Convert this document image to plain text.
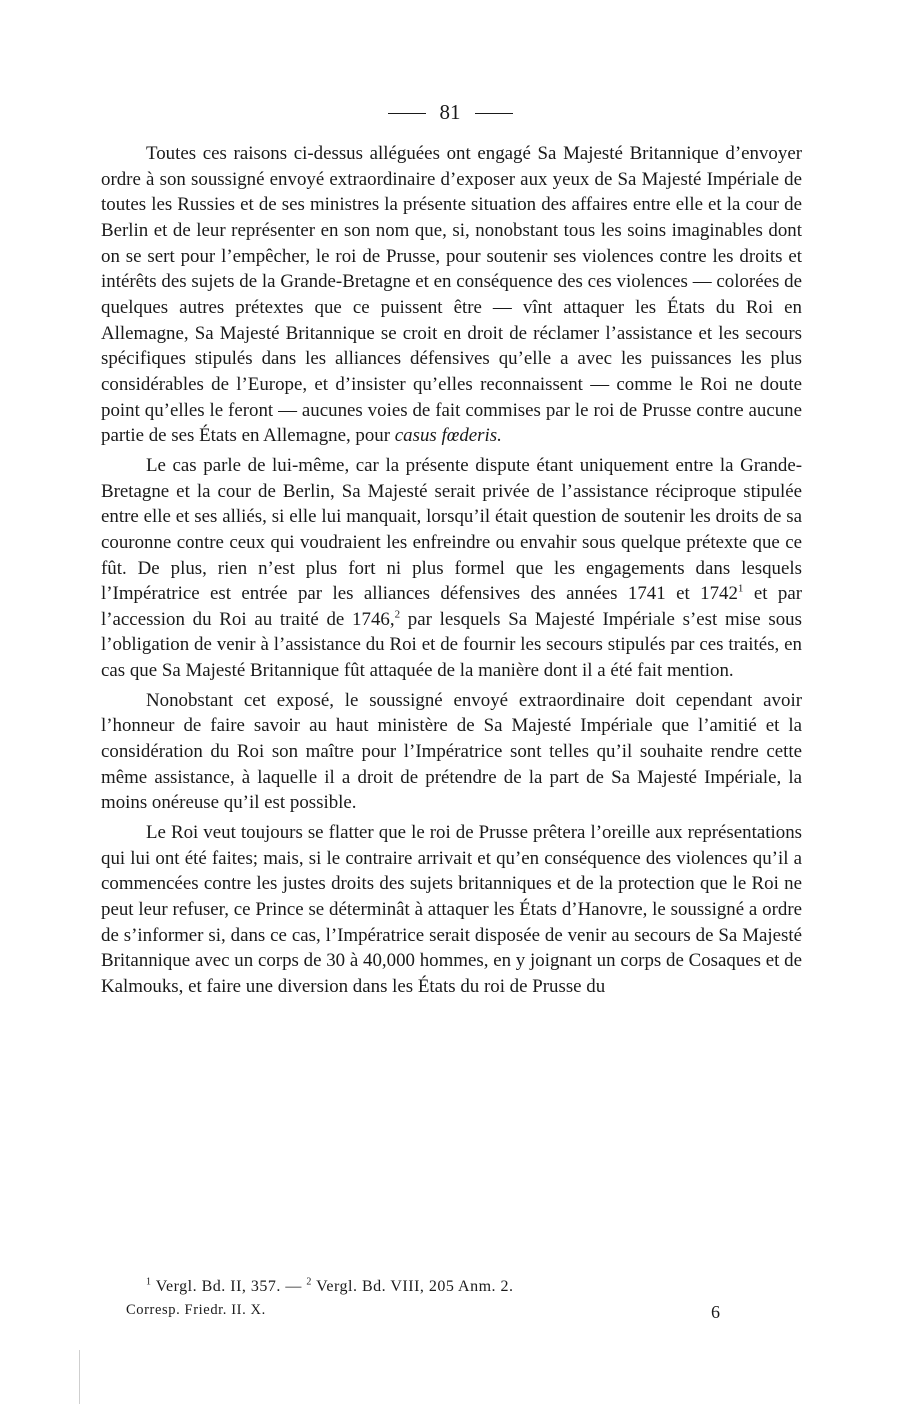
81

Toutes ces raisons ci-dessus alléguées ont engagé Sa Majesté Britannique d’envoyer ordre à son soussigné envoyé extraordinaire d’exposer aux yeux de Sa Majesté Impériale de toutes les Russies et de ses ministres la présente situation des affaires entre elle et la cour de Berlin et de leur représenter en son nom que, si, nonobstant tous les soins imaginables dont on se sert pour l’empêcher, le roi de Prusse, pour soutenir ses violences contre les droits et intérêts des sujets de la Grande-Bretagne et en conséquence des ces violences — colorées de quelques autres prétextes que ce puissent être — vînt attaquer les États du Roi en Allemagne, Sa Majesté Britannique se croit en droit de réclamer l’assistance et les secours spécifiques stipulés dans les alliances défensives qu’elle a avec les puissances les plus considérables de l’Europe, et d’insister qu’elles reconnaissent — comme le Roi ne doute point qu’elles le feront — aucunes voies de fait commises par le roi de Prusse contre aucune partie de ses États en Allemagne, pour casus fœderis.

Le cas parle de lui-même, car la présente dispute étant uniquement entre la Grande-Bretagne et la cour de Berlin, Sa Majesté serait privée de l’assistance réciproque stipulée entre elle et ses alliés, si elle lui manquait, lorsqu’il était question de soutenir les droits de sa couronne contre ceux qui voudraient les enfreindre ou envahir sous quelque prétexte que ce fût. De plus, rien n’est plus fort ni plus formel que les engagements dans lesquels l’Impératrice est entrée par les alliances défensives des années 1741 et 1742$^1$ et par l’accession du Roi au traité de 1746,$^2$ par lesquels Sa Majesté Impériale s’est mise sous l’obligation de venir à l’assistance du Roi et de fournir les secours stipulés par ces traités, en cas que Sa Majesté Britannique fût attaquée de la manière dont il a été fait mention.

Nonobstant cet exposé, le soussigné envoyé extraordinaire doit cependant avoir l’honneur de faire savoir au haut ministère de Sa Majesté Impériale que l’amitié et la considération du Roi son maître pour l’Impératrice sont telles qu’il souhaite rendre cette même assistance, à laquelle il a droit de prétendre de la part de Sa Majesté Impériale, la moins onéreuse qu’il est possible.

Le Roi veut toujours se flatter que le roi de Prusse prêtera l’oreille aux représentations qui lui ont été faites; mais, si le contraire arrivait et qu’en conséquence des violences qu’il a commencées contre les justes droits des sujets britanniques et de la protection que le Roi ne peut leur refuser, ce Prince se déterminât à attaquer les États d’Hanovre, le soussigné a ordre de s’informer si, dans ce cas, l’Impératrice serait disposée de venir au secours de Sa Majesté Britannique avec un corps de 30 à 40,000 hommes, en y joignant un corps de Cosaques et de Kalmouks, et faire une diversion dans les États du roi de Prusse du

$^1$ Vergl. Bd. II, 357. — $^2$ Vergl. Bd. VIII, 205 Anm. 2.
Corresp. Friedr. II. X.	6
